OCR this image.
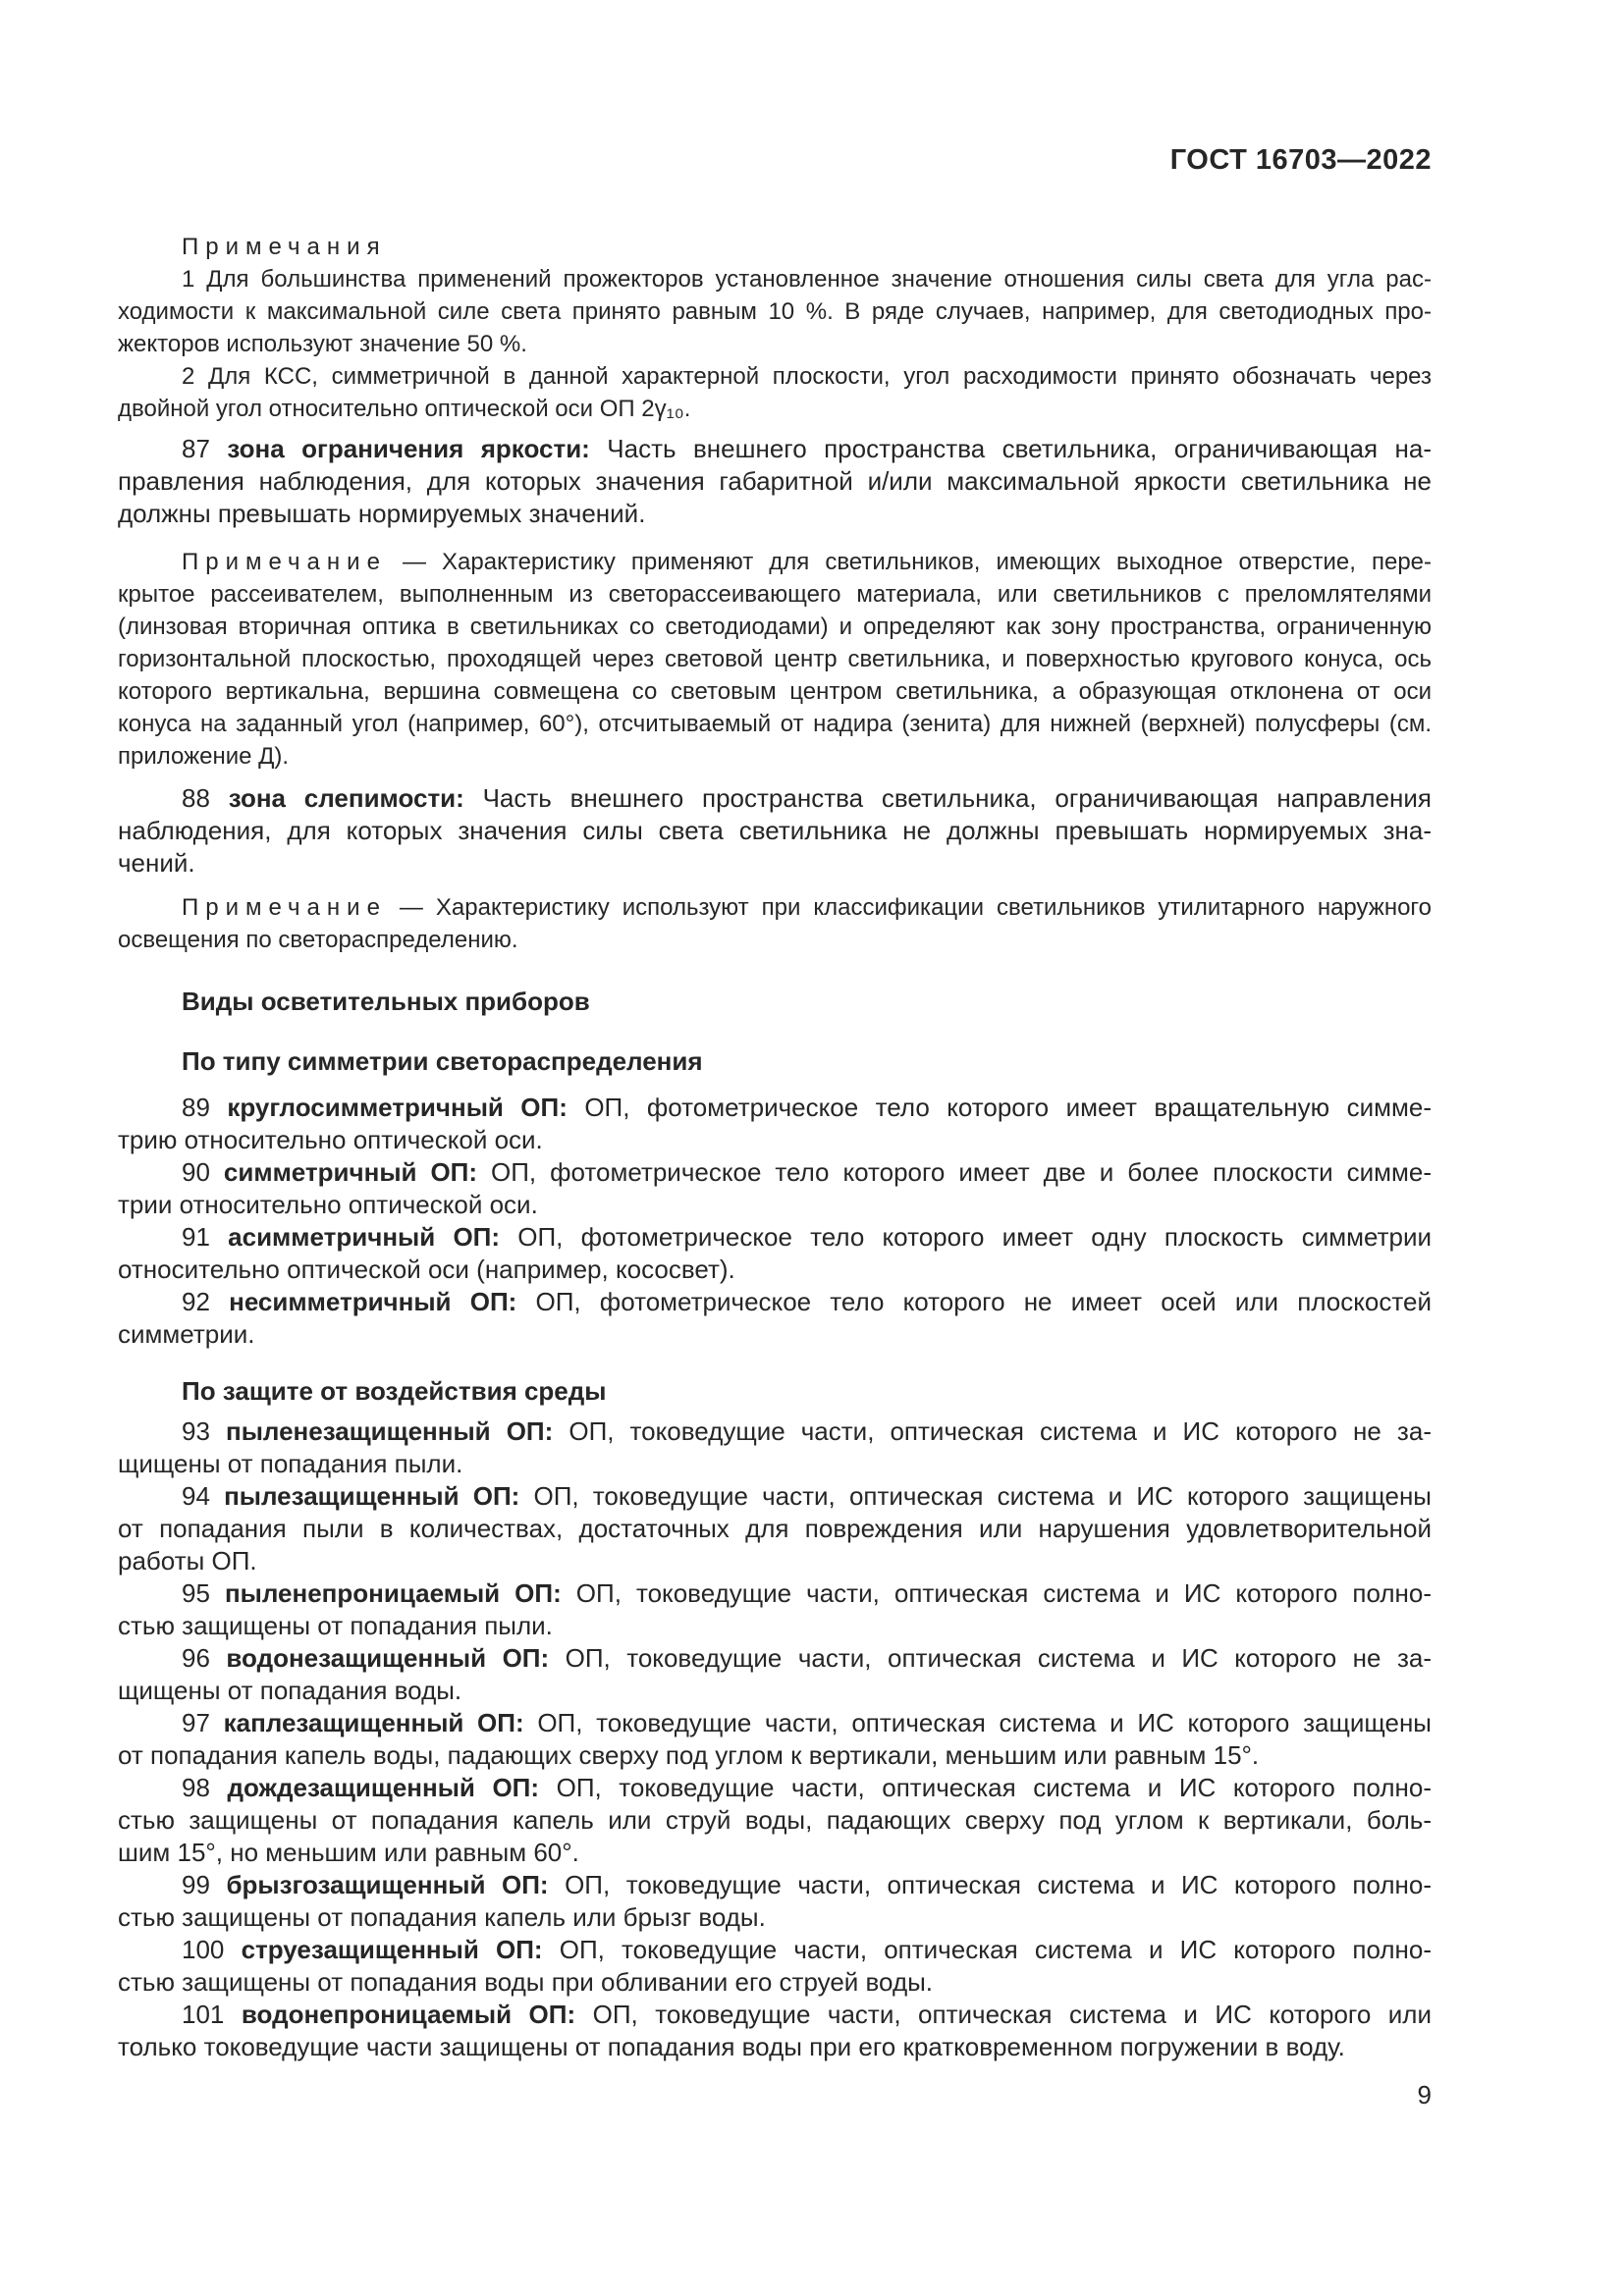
ГОСТ 16703—2022
Примечания
1 Для большинства применений прожекторов установленное значение отношения силы света для угла рас-
ходимости к максимальной силе света принято равным 10 %. В ряде случаев, например, для светодиодных про-
жекторов используют значение 50 %.
2 Для КСС, симметричной в данной характерной плоскости, угол расходимости принято обозначать через
двойной угол относительно оптической оси ОП 2γ₁₀.
87 зона ограничения яркости: Часть внешнего пространства светильника, ограничивающая на-
правления наблюдения, для которых значения габаритной и/или максимальной яркости светильника не
должны превышать нормируемых значений.
Примечание — Характеристику применяют для светильников, имеющих выходное отверстие, пере-
крытое рассеивателем, выполненным из светорассеивающего материала, или светильников с преломлятелями
(линзовая вторичная оптика в светильниках со светодиодами) и определяют как зону пространства, ограниченную
горизонтальной плоскостью, проходящей через световой центр светильника, и поверхностью кругового конуса, ось
которого вертикальна, вершина совмещена со световым центром светильника, а образующая отклонена от оси
конуса на заданный угол (например, 60°), отсчитываемый от надира (зенита) для нижней (верхней) полусферы (см.
приложение Д).
88 зона слепимости: Часть внешнего пространства светильника, ограничивающая направления
наблюдения, для которых значения силы света светильника не должны превышать нормируемых зна-
чений.
Примечание — Характеристику используют при классификации светильников утилитарного наружного
освещения по светораспределению.
Виды осветительных приборов
По типу симметрии светораспределения
89 круглосимметричный ОП: ОП, фотометрическое тело которого имеет вращательную симме-
трию относительно оптической оси.
90 симметричный ОП: ОП, фотометрическое тело которого имеет две и более плоскости симме-
трии относительно оптической оси.
91 асимметричный ОП: ОП, фотометрическое тело которого имеет одну плоскость симметрии
относительно оптической оси (например, кососвет).
92 несимметричный ОП: ОП, фотометрическое тело которого не имеет осей или плоскостей
симметрии.
По защите от воздействия среды
93 пыленезащищенный ОП: ОП, токоведущие части, оптическая система и ИС которого не за-
щищены от попадания пыли.
94 пылезащищенный ОП: ОП, токоведущие части, оптическая система и ИС которого защищены
от попадания пыли в количествах, достаточных для повреждения или нарушения удовлетворительной
работы ОП.
95 пыленепроницаемый ОП: ОП, токоведущие части, оптическая система и ИС которого полно-
стью защищены от попадания пыли.
96 водонезащищенный ОП: ОП, токоведущие части, оптическая система и ИС которого не за-
щищены от попадания воды.
97 каплезащищенный ОП: ОП, токоведущие части, оптическая система и ИС которого защищены
от попадания капель воды, падающих сверху под углом к вертикали, меньшим или равным 15°.
98 дождезащищенный ОП: ОП, токоведущие части, оптическая система и ИС которого полно-
стью защищены от попадания капель или струй воды, падающих сверху под углом к вертикали, боль-
шим 15°, но меньшим или равным 60°.
99 брызгозащищенный ОП: ОП, токоведущие части, оптическая система и ИС которого полно-
стью защищены от попадания капель или брызг воды.
100 струезащищенный ОП: ОП, токоведущие части, оптическая система и ИС которого полно-
стью защищены от попадания воды при обливании его струей воды.
101 водонепроницаемый ОП: ОП, токоведущие части, оптическая система и ИС которого или
только токоведущие части защищены от попадания воды при его кратковременном погружении в воду.
9
